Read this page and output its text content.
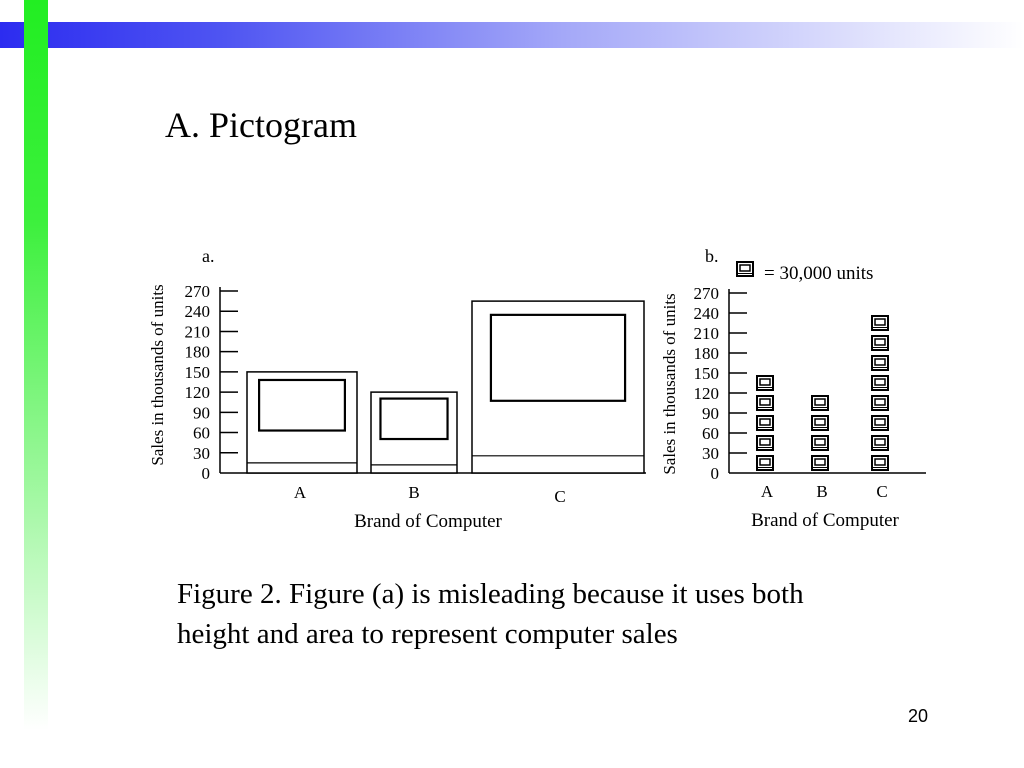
A. Pictogram
a.
0
30
60
90
120
150
180
210
240
270
Sales in thousands of units
Brand of Computer
A	B	C
b.
0
30
60
90
120
150
180
210
240
270
Sales in thousands of units
Brand of Computer
A	B	C
= 30,000 units
Figure 2. Figure (a) is misleading because it uses both
height and area to represent computer sales
20
